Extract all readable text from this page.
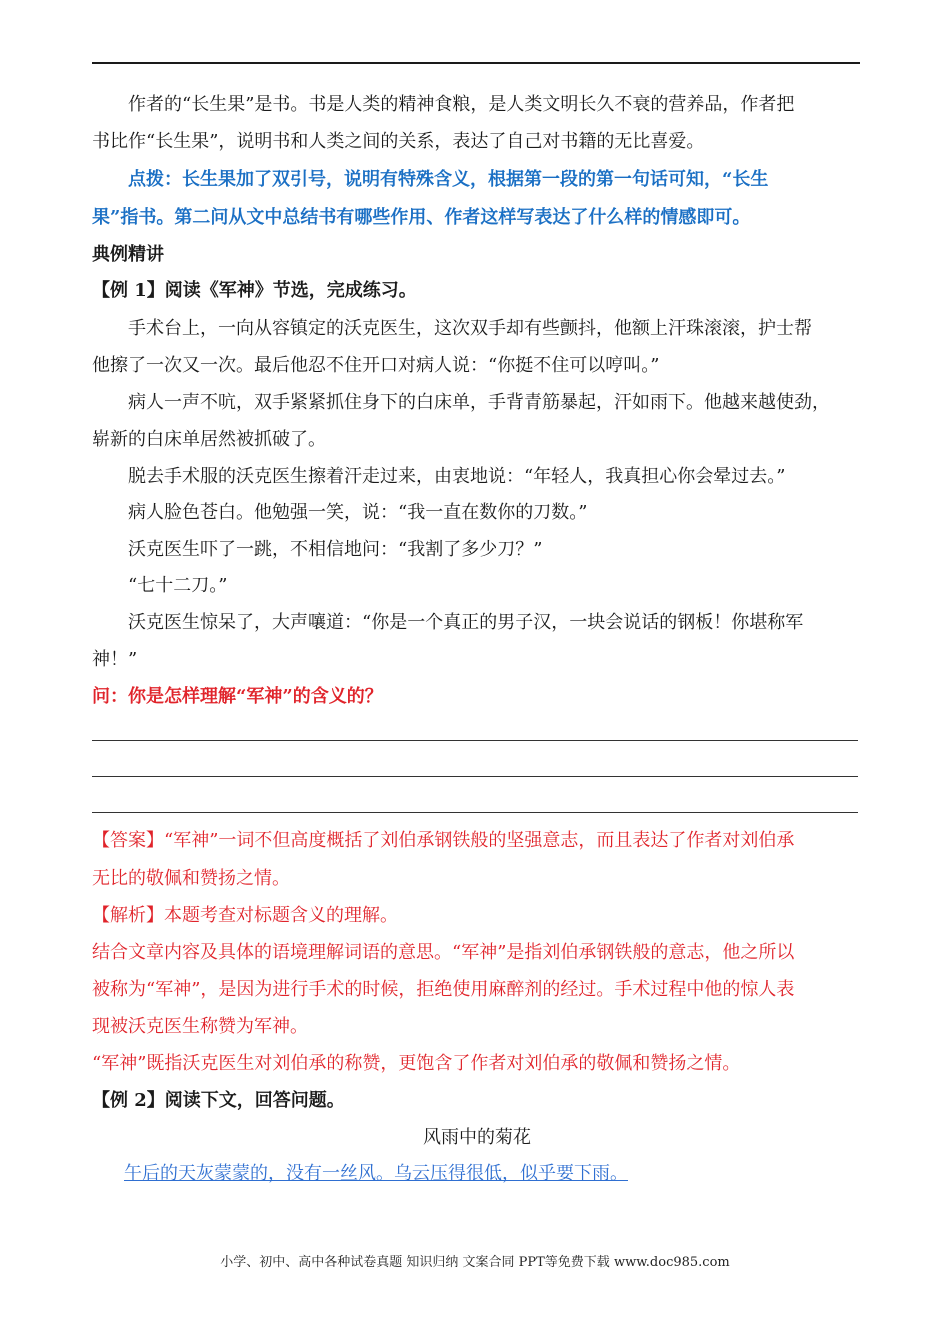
作者的“长生果”是书。书是人类的精神食粮，是人类文明长久不衰的营养品，作者把
书比作“长生果”，说明书和人类之间的关系，表达了自己对书籍的无比喜爱。
点拨：长生果加了双引号，说明有特殊含义，根据第一段的第一句话可知，“长生
果”指书。第二问从文中总结书有哪些作用、作者这样写表达了什么样的情感即可。
典例精讲
【例 1】阅读《军神》节选，完成练习。
手术台上，一向从容镇定的沃克医生，这次双手却有些颤抖，他额上汗珠滚滚，护士帮
他擦了一次又一次。最后他忍不住开口对病人说：“你挺不住可以哼叫。”
病人一声不吭，双手紧紧抓住身下的白床单，手背青筋暴起，汗如雨下。他越来越使劲，
崭新的白床单居然被抓破了。
脱去手术服的沃克医生擦着汗走过来，由衷地说：“年轻人，我真担心你会晕过去。”
病人脸色苍白。他勉强一笑，说：“我一直在数你的刀数。”
沃克医生吓了一跳，不相信地问：“我割了多少刀？”
“七十二刀。”
沃克医生惊呆了，大声嚷道：“你是一个真正的男子汉，一块会说话的钢板！你堪称军
神！”
问：你是怎样理解“军神”的含义的？
【答案】“军神”一词不但高度概括了刘伯承钢铁般的坚强意志，而且表达了作者对刘伯承
无比的敬佩和赞扬之情。
【解析】本题考查对标题含义的理解。
结合文章内容及具体的语境理解词语的意思。“军神”是指刘伯承钢铁般的意志，他之所以
被称为“军神”，是因为进行手术的时候，拒绝使用麻醉剂的经过。手术过程中他的惊人表
现被沃克医生称赞为军神。
“军神”既指沃克医生对刘伯承的称赞，更饱含了作者对刘伯承的敬佩和赞扬之情。
【例 2】阅读下文，回答问题。
风雨中的菊花
午后的天灰蒙蒙的，没有一丝风。乌云压得很低，似乎要下雨。
小学、初中、高中各种试卷真题 知识归纳 文案合同 PPT等免费下载 www.doc985.com
